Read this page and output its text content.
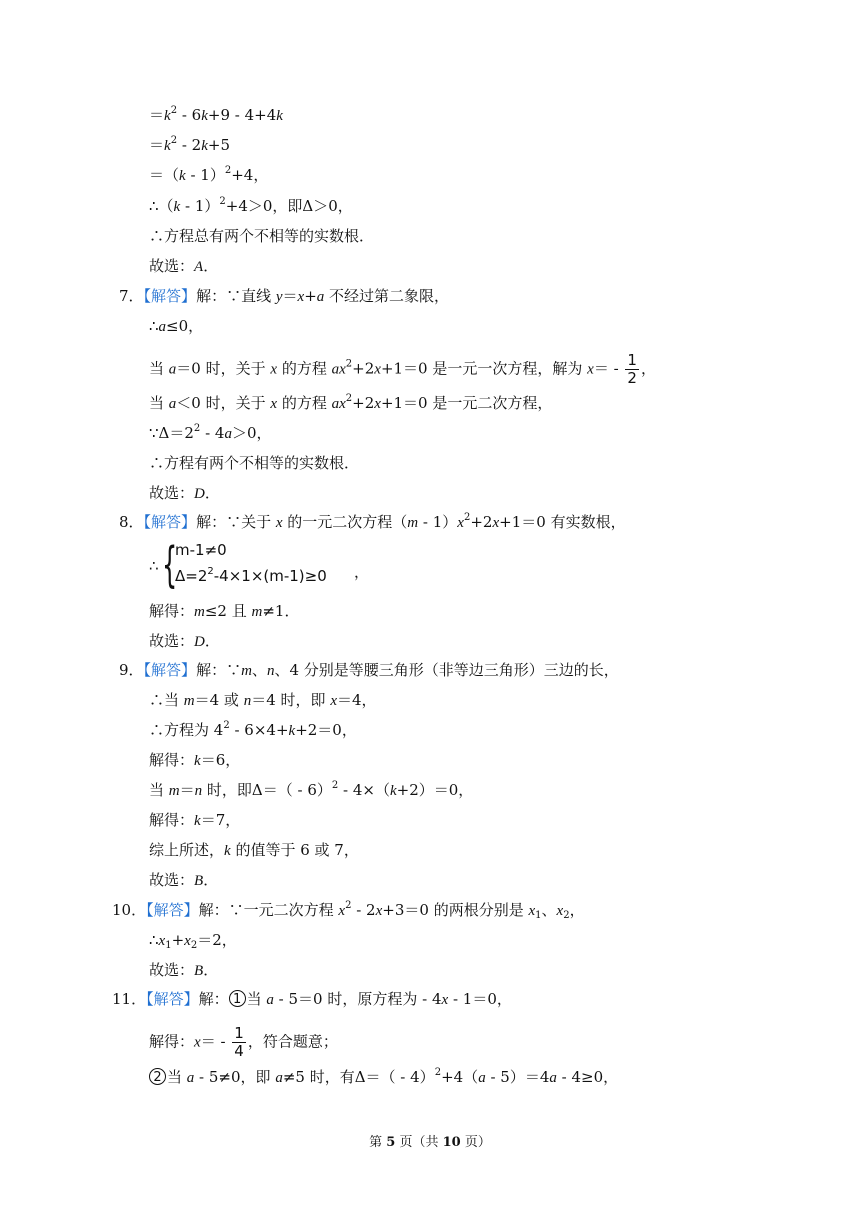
$=k^2 - 6k+9 - 4+4k$
$=k^2 - 2k+5$
＝（k - 1）$^2$+4，
∴（k - 1）$^2$+4＞0，即Δ＞0，
∴方程总有两个不相等的实数根．
故选：A．
7．【解答】解：∵直线 y＝x+a 不经过第二象限，
∴a≤0，
当 a＝0 时，关于 x 的方程 $ax^2+2x+1=0$ 是一元一次方程，解为 $x= - \frac{1}{2}$ ，
当 a＜0 时，关于 x 的方程 $ax^2+2x+1=0$ 是一元二次方程，
$\because\Delta=2^2 - 4a>0$，
∴方程有两个不相等的实数根．
故选：D．
8．【解答】解：∵关于 x 的一元二次方程$(m - 1)x^2+2x+1=0$ 有实数根，
∴ {
m-1≠0
$\Delta=2^2-4\times 1\times(m-1)\ge 0$ ，
解得：m≤2 且 m≠1．
故选：D．
9．【解答】解：∵m、n、4 分别是等腰三角形（非等边三角形）三边的长，
∴当 m＝4 或 n＝4 时，即 x＝4，
∴方程为 $4^2 - 6\times 4+k+2=0$，
解得：k＝6，
当 m＝n 时，即Δ＝（ - 6）$^2$ - 4×（k+2）＝0，
解得：k＝7，
综上所述，k 的值等于 6 或 7，
故选：B．
10．【解答】解：∵一元二次方程 $x^2 - 2x+3=0$ 的两根分别是 $x_1$、$x_2$，
$\therefore x_1+x_2=2$，
故选：B．
11．【解答】解： 1 当 a - 5＝0 时，原方程为 - 4x - 1＝0，
解得：$x= - \frac{1}{4}$ ，符合题意；
2 当 a - 5≠0，即 a≠5 时，有Δ＝（ - 4）$^2$+4（a - 5）＝4a - 4≥0，
第 5 页（共 10 页）
